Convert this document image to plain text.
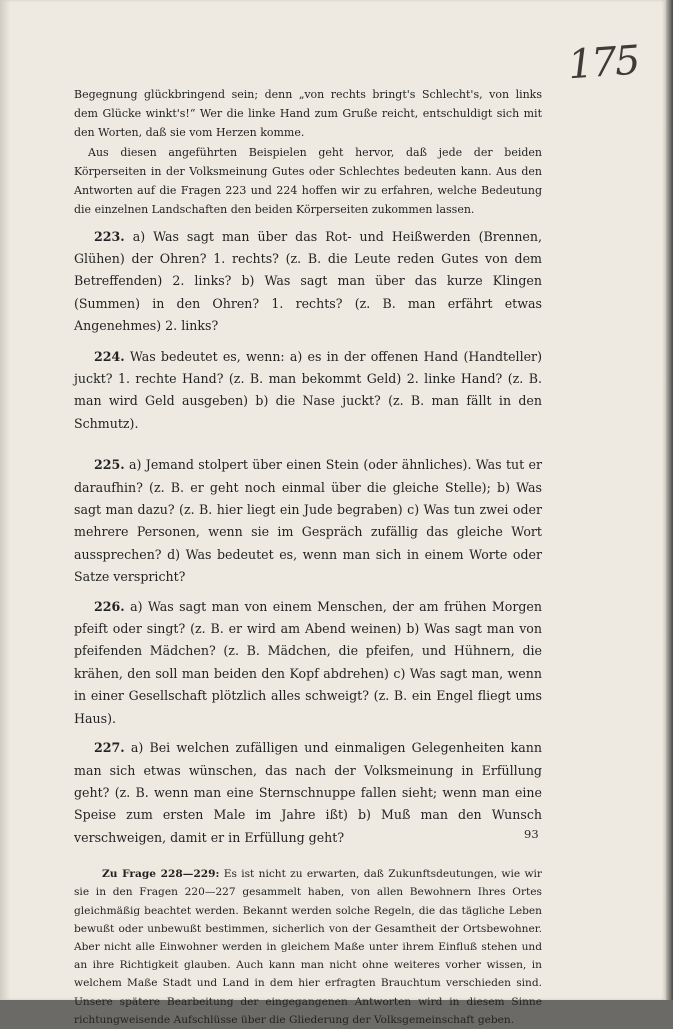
175

Begegnung glückbringend sein; denn „von rechts bringt's Schlecht's, von links dem Glücke winkt's!“ Wer die linke Hand zum Gruße reicht, entschuldigt sich mit den Worten, daß sie vom Herzen komme.

Aus diesen angeführten Beispielen geht hervor, daß jede der beiden Körperseiten in der Volksmeinung Gutes oder Schlechtes bedeuten kann. Aus den Antworten auf die Fragen 223 und 224 hoffen wir zu erfahren, welche Bedeutung die einzelnen Landschaften den beiden Körperseiten zukommen lassen.

223. a) Was sagt man über das Rot- und Heißwerden (Brennen, Glühen) der Ohren? 1. rechts? (z. B. die Leute reden Gutes von dem Betreffenden) 2. links? b) Was sagt man über das kurze Klingen (Summen) in den Ohren? 1. rechts? (z. B. man erfährt etwas Angenehmes) 2. links?

224. Was bedeutet es, wenn: a) es in der offenen Hand (Handteller) juckt? 1. rechte Hand? (z. B. man bekommt Geld) 2. linke Hand? (z. B. man wird Geld ausgeben) b) die Nase juckt? (z. B. man fällt in den Schmutz).

225. a) Jemand stolpert über einen Stein (oder ähnliches). Was tut er daraufhin? (z. B. er geht noch einmal über die gleiche Stelle); b) Was sagt man dazu? (z. B. hier liegt ein Jude begraben) c) Was tun zwei oder mehrere Personen, wenn sie im Gespräch zufällig das gleiche Wort aussprechen? d) Was bedeutet es, wenn man sich in einem Worte oder Satze verspricht?

226. a) Was sagt man von einem Menschen, der am frühen Morgen pfeift oder singt? (z. B. er wird am Abend weinen) b) Was sagt man von pfeifenden Mädchen? (z. B. Mädchen, die pfeifen, und Hühnern, die krähen, den soll man beiden den Kopf abdrehen) c) Was sagt man, wenn in einer Gesellschaft plötzlich alles schweigt? (z. B. ein Engel fliegt ums Haus).

227. a) Bei welchen zufälligen und einmaligen Gelegenheiten kann man sich etwas wünschen, das nach der Volksmeinung in Erfüllung geht? (z. B. wenn man eine Sternschnuppe fallen sieht; wenn man eine Speise zum ersten Male im Jahre ißt) b) Muß man den Wunsch verschweigen, damit er in Erfüllung geht?

Zu Frage 228—229: Es ist nicht zu erwarten, daß Zukunftsdeutungen, wie wir sie in den Fragen 220—227 gesammelt haben, von allen Bewohnern Ihres Ortes gleichmäßig beachtet werden. Bekannt werden solche Regeln, die das tägliche Leben bewußt oder unbewußt bestimmen, sicherlich von der Gesamtheit der Ortsbewohner. Aber nicht alle Einwohner werden in gleichem Maße unter ihrem Einfluß stehen und an ihre Richtigkeit glauben. Auch kann man nicht ohne weiteres vorher wissen, in welchem Maße Stadt und Land in dem hier erfragten Brauchtum verschieden sind. Unsere spätere Bearbeitung der eingegangenen Antworten wird in diesem Sinne richtungweisende Aufschlüsse über die Gliederung der Volksgemeinschaft geben.

93
